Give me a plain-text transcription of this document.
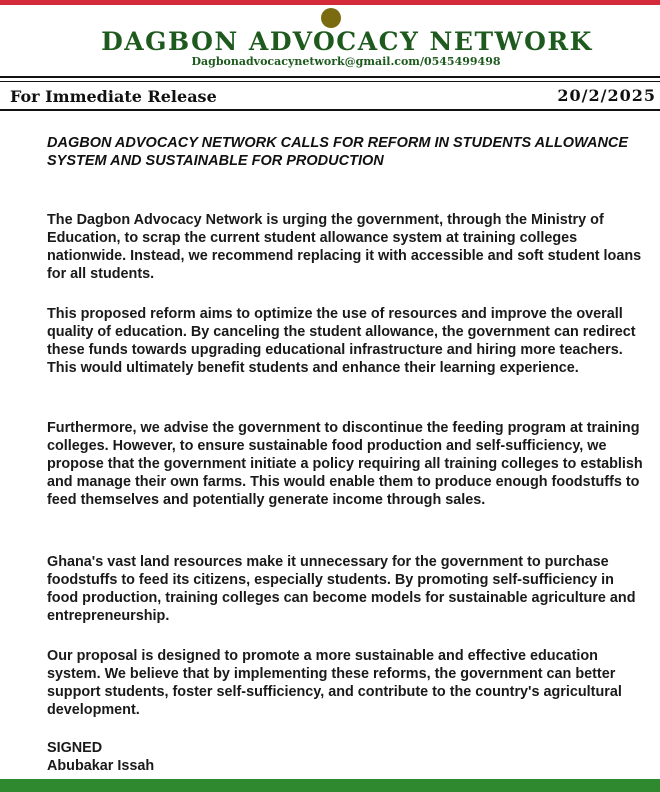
DAGBON ADVOCACY NETWORK
Dagbonadvocacynetwork@gmail.com/0545499498
For Immediate Release	20/2/2025
DAGBON ADVOCACY NETWORK CALLS FOR REFORM IN STUDENTS ALLOWANCE SYSTEM AND SUSTAINABLE FOR PRODUCTION

The Dagbon Advocacy Network is urging the government, through the Ministry of Education, to scrap the current student allowance system at training colleges nationwide. Instead, we recommend replacing it with accessible and soft student loans for all students.

This proposed reform aims to optimize the use of resources and improve the overall quality of education. By canceling the student allowance, the government can redirect these funds towards upgrading educational infrastructure and hiring more teachers. This would ultimately benefit students and enhance their learning experience.

Furthermore, we advise the government to discontinue the feeding program at training colleges. However, to ensure sustainable food production and self-sufficiency, we propose that the government initiate a policy requiring all training colleges to establish and manage their own farms. This would enable them to produce enough foodstuffs to feed themselves and potentially generate income through sales.

Ghana's vast land resources make it unnecessary for the government to purchase foodstuffs to feed its citizens, especially students. By promoting self-sufficiency in food production, training colleges can become models for sustainable agriculture and entrepreneurship.

Our proposal is designed to promote a more sustainable and effective education system. We believe that by implementing these reforms, the government can better support students, foster self-sufficiency, and contribute to the country's agricultural development.

SIGNED
Abubakar Issah
